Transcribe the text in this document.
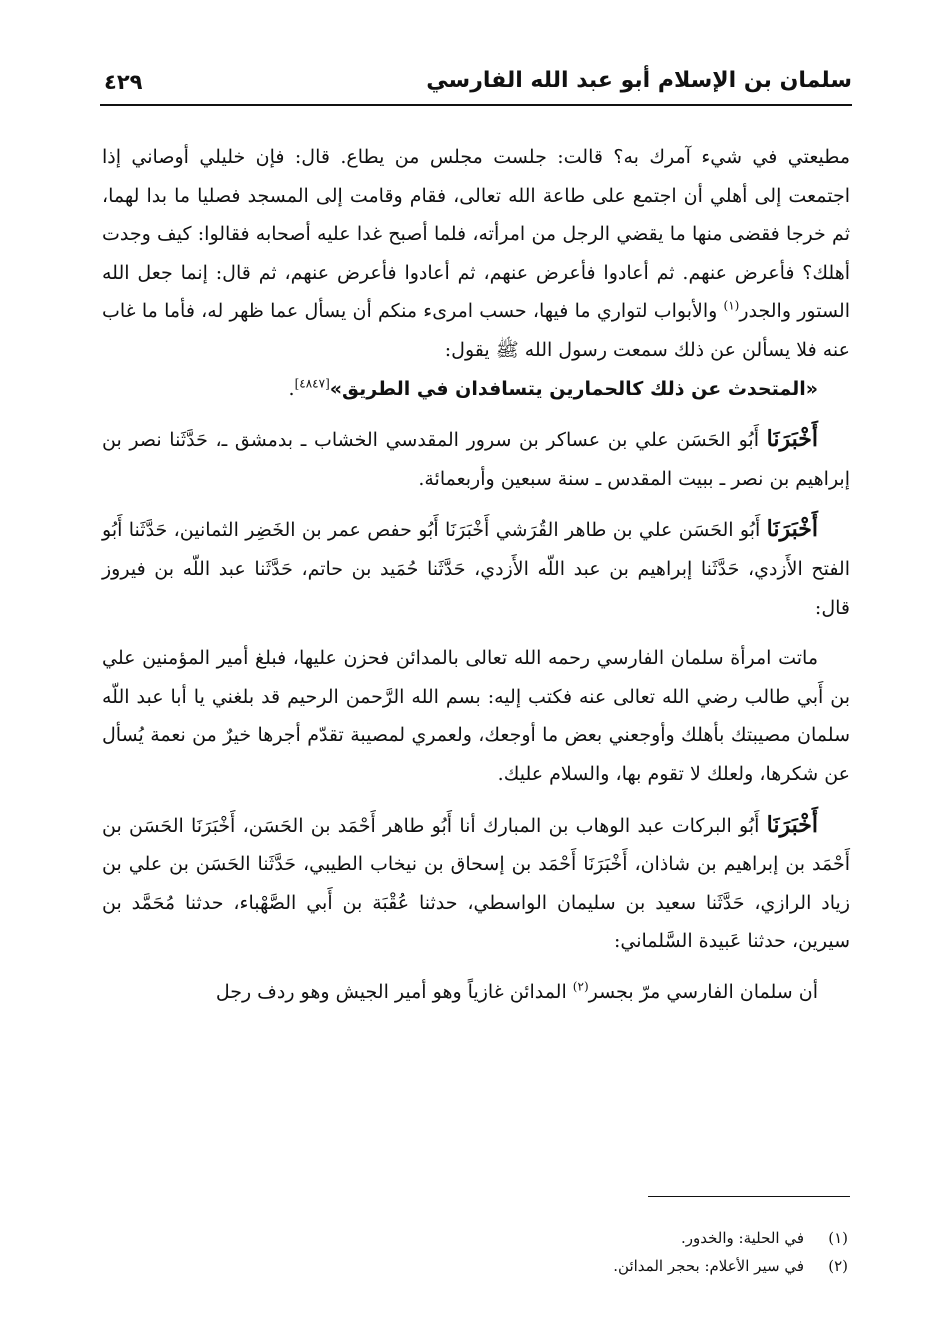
سلمان بن الإسلام أبو عبد الله الفارسي
٤٢٩

مطيعتي في شيء آمرك به؟ قالت: جلست مجلس من يطاع. قال: فإن خليلي أوصاني إذا اجتمعت إلى أهلي أن اجتمع على طاعة الله تعالى، فقام وقامت إلى المسجد فصليا ما بدا لهما، ثم خرجا فقضى منها ما يقضي الرجل من امرأته، فلما أصبح غدا عليه أصحابه فقالوا: كيف وجدت أهلك؟ فأعرض عنهم. ثم أعادوا فأعرض عنهم، ثم أعادوا فأعرض عنهم، ثم قال: إنما جعل الله الستور والجدر$^{(١)}$ والأبواب لتواري ما فيها، حسب امرىء منكم أن يسأل عما ظهر له، فأما ما غاب عنه فلا يسألن عن ذلك سمعت رسول الله ﷺ يقول:

«المتحدث عن ذلك كالحمارين يتسافدان في الطريق»[٤٨٤٧].

أَخْبَرَنَا أَبُو الحَسَن علي بن عساكر بن سرور المقدسي الخشاب ـ بدمشق ـ، حَدَّثَنا نصر بن إبراهيم بن نصر ـ ببيت المقدس ـ سنة سبعين وأربعمائة.

أَخْبَرَنَا أَبُو الحَسَن علي بن طاهر القُرَشي أَخْبَرَنَا أَبُو حفص عمر بن الخَضِر الثمانين، حَدَّثَنا أَبُو الفتح الأَزدي، حَدَّثَنا إبراهيم بن عبد اللّه الأَزدي، حَدَّثَنا حُمَيد بن حاتم، حَدَّثَنا عبد اللّه بن فيروز قال:

ماتت امرأة سلمان الفارسي رحمه الله تعالى بالمدائن فحزن عليها، فبلغ أمير المؤمنين علي بن أَبي طالب رضي الله تعالى عنه فكتب إليه: بسم الله الرَّحمن الرحيم قد بلغني يا أبا عبد اللّه سلمان مصيبتك بأهلك وأوجعني بعض ما أوجعك، ولعمري لمصيبة تقدّم أجرها خيرٌ من نعمة يُسأل عن شكرها، ولعلك لا تقوم بها، والسلام عليك.

أَخْبَرَنَا أَبُو البركات عبد الوهاب بن المبارك أنا أَبُو طاهر أَحْمَد بن الحَسَن، أَخْبَرَنَا الحَسَن بن أَحْمَد بن إبراهيم بن شاذان، أَخْبَرَنَا أَحْمَد بن إسحاق بن نيخاب الطيبي، حَدَّثَنا الحَسَن بن علي بن زياد الرازي، حَدَّثَنا سعيد بن سليمان الواسطي، حدثنا عُقْبَة بن أَبي الصَّهْباء، حدثنا مُحَمَّد بن سيرين، حدثنا عَبيدة السَّلماني:

أن سلمان الفارسي مرّ بجسر$^{(٢)}$ المدائن غازياً وهو أمير الجيش وهو ردف رجل

(١)في الحلية: والخدور.

(٢)في سير الأعلام: بحجر المدائن.
